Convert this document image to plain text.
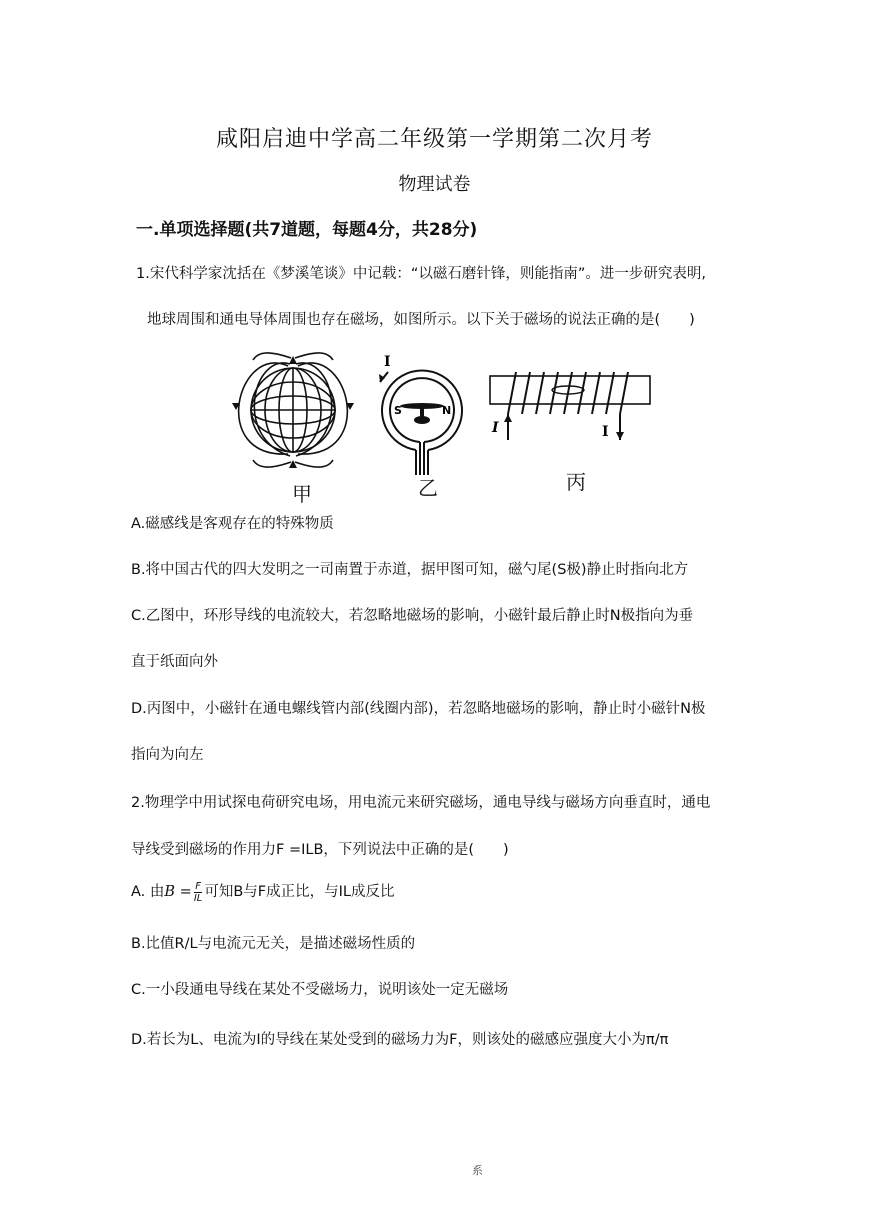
咸阳启迪中学高二年级第一学期第二次月考
物理试卷
一.单项选择题(共7道题，每题4分，共28分)
1.宋代科学家沈括在《梦溪笔谈》中记载：“以磁石磨针锋，则能指南”。进一步研究表明,
地球周围和通电导体周围也存在磁场，如图所示。以下关于磁场的说法正确的是(　　)
I
S	N
I	I
甲	乙	丙
A.磁感线是客观存在的特殊物质
B.将中国古代的四大发明之一司南置于赤道，据甲图可知，磁勺尾(S极)静止时指向北方
C.乙图中，环形导线的电流较大，若忽略地磁场的影响，小磁针最后静止时N极指向为垂
直于纸面向外
D.丙图中，小磁针在通电螺线管内部(线圈内部)，若忽略地磁场的影响，静止时小磁针N极
指向为向左
2.物理学中用试探电荷研究电场，用电流元来研究磁场，通电导线与磁场方向垂直时，通电
导线受到磁场的作用力F =ILB，下列说法中正确的是(　　)
A. 由$B = \frac{F}{IL}$ 可知B与F成正比，与IL成反比
B.比值R/L与电流元无关，是描述磁场性质的
C.一小段通电导线在某处不受磁场力，说明该处一定无磁场
D.若长为L、电流为I的导线在某处受到的磁场力为F，则该处的磁感应强度大小为π/π
系
